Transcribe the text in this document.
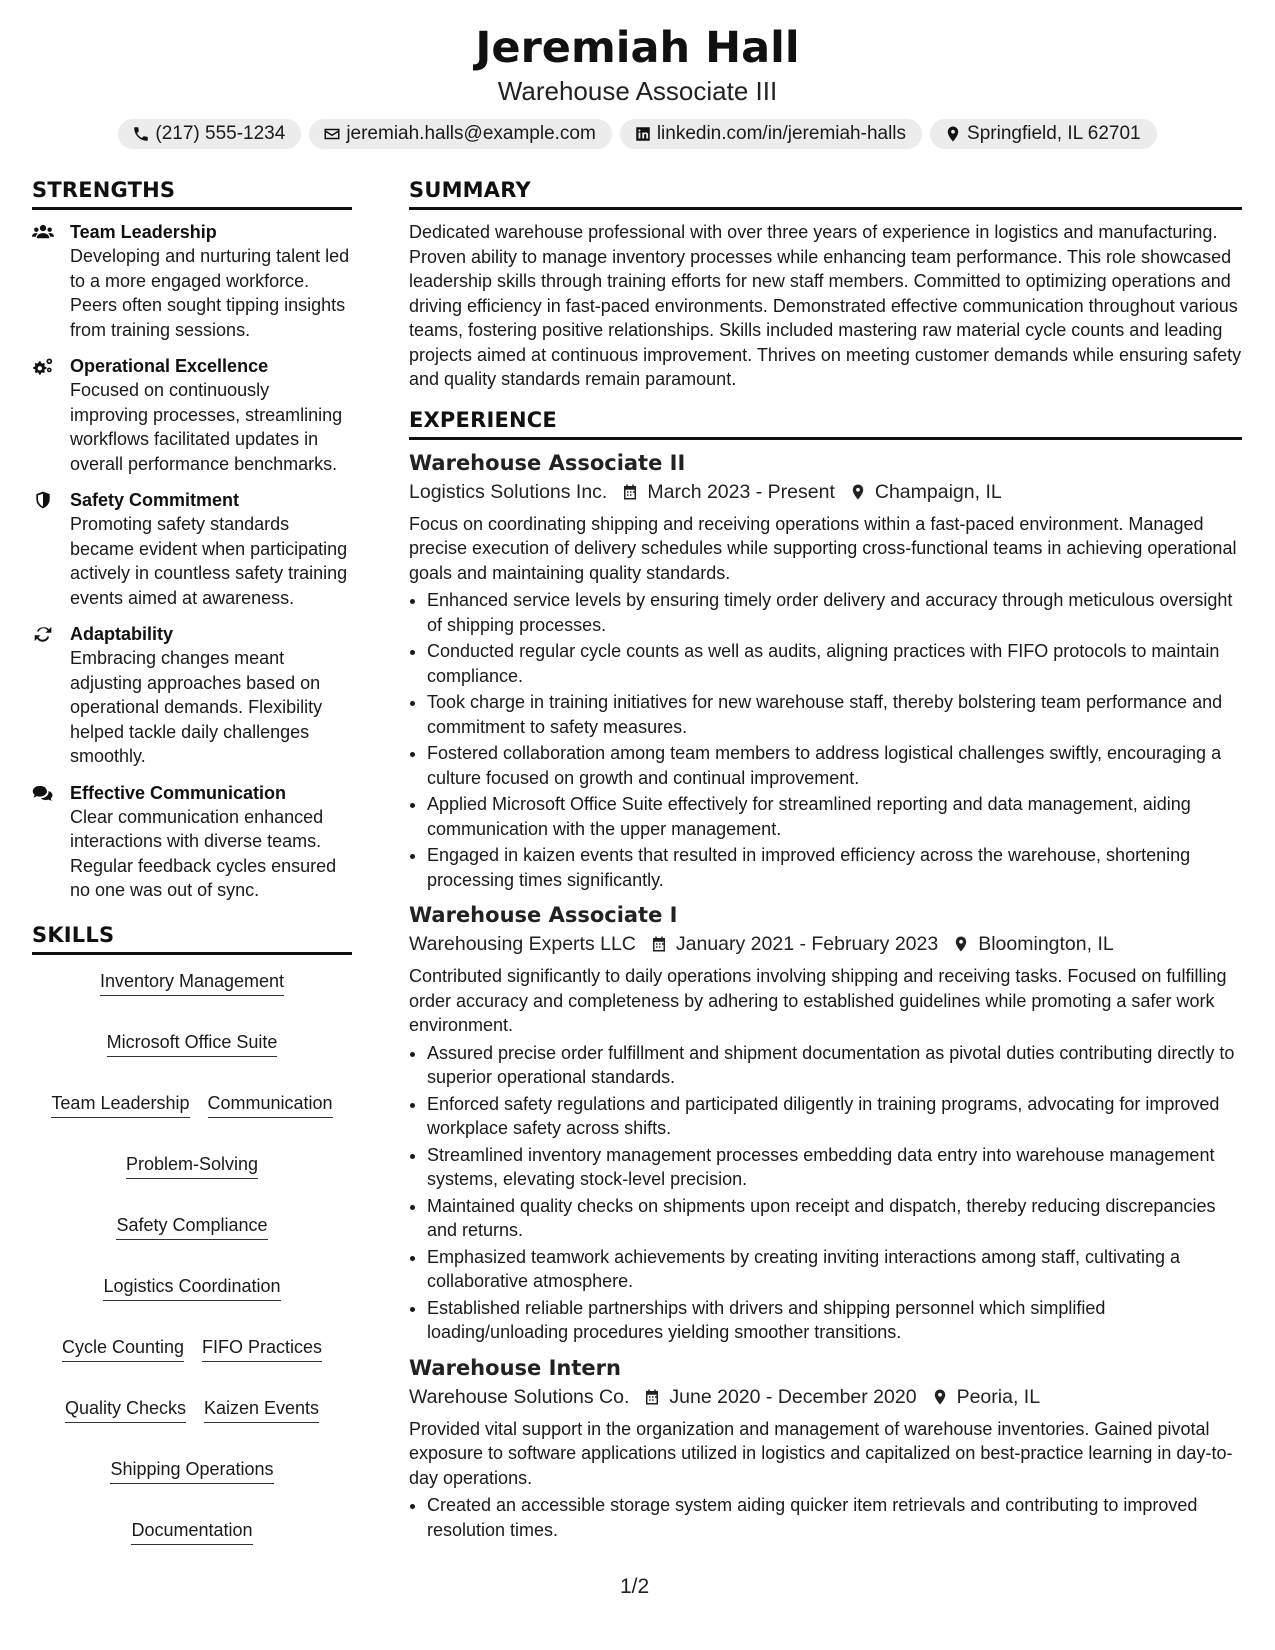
Jeremiah Hall
Warehouse Associate III
(217) 555-1234	jeremiah.halls@example.com	linkedin.com/in/jeremiah-halls	Springfield, IL 62701
STRENGTHS
Team Leadership
Developing and nurturing talent led to a more engaged workforce. Peers often sought tipping insights from training sessions.
Operational Excellence
Focused on continuously improving processes, streamlining workflows facilitated updates in overall performance benchmarks.
Safety Commitment
Promoting safety standards became evident when participating actively in countless safety training events aimed at awareness.
Adaptability
Embracing changes meant adjusting approaches based on operational demands. Flexibility helped tackle daily challenges smoothly.
Effective Communication
Clear communication enhanced interactions with diverse teams. Regular feedback cycles ensured no one was out of sync.
SKILLS
Inventory Management
Microsoft Office Suite
Team Leadership Communication
Problem-Solving
Safety Compliance
Logistics Coordination
Cycle Counting FIFO Practices
Quality Checks Kaizen Events
Shipping Operations
Documentation
SUMMARY
Dedicated warehouse professional with over three years of experience in logistics and manufacturing. Proven ability to manage inventory processes while enhancing team performance. This role showcased leadership skills through training efforts for new staff members. Committed to optimizing operations and driving efficiency in fast-paced environments. Demonstrated effective communication throughout various teams, fostering positive relationships. Skills included mastering raw material cycle counts and leading projects aimed at continuous improvement. Thrives on meeting customer demands while ensuring safety and quality standards remain paramount.
EXPERIENCE
Warehouse Associate II
Logistics Solutions Inc. March 2023 - Present Champaign, IL
Focus on coordinating shipping and receiving operations within a fast-paced environment. Managed precise execution of delivery schedules while supporting cross-functional teams in achieving operational goals and maintaining quality standards.
• Enhanced service levels by ensuring timely order delivery and accuracy through meticulous oversight of shipping processes.
• Conducted regular cycle counts as well as audits, aligning practices with FIFO protocols to maintain compliance.
• Took charge in training initiatives for new warehouse staff, thereby bolstering team performance and commitment to safety measures.
• Fostered collaboration among team members to address logistical challenges swiftly, encouraging a culture focused on growth and continual improvement.
• Applied Microsoft Office Suite effectively for streamlined reporting and data management, aiding communication with the upper management.
• Engaged in kaizen events that resulted in improved efficiency across the warehouse, shortening processing times significantly.
Warehouse Associate I
Warehousing Experts LLC January 2021 - February 2023 Bloomington, IL
Contributed significantly to daily operations involving shipping and receiving tasks. Focused on fulfilling order accuracy and completeness by adhering to established guidelines while promoting a safer work environment.
• Assured precise order fulfillment and shipment documentation as pivotal duties contributing directly to superior operational standards.
• Enforced safety regulations and participated diligently in training programs, advocating for improved workplace safety across shifts.
• Streamlined inventory management processes embedding data entry into warehouse management systems, elevating stock-level precision.
• Maintained quality checks on shipments upon receipt and dispatch, thereby reducing discrepancies and returns.
• Emphasized teamwork achievements by creating inviting interactions among staff, cultivating a collaborative atmosphere.
• Established reliable partnerships with drivers and shipping personnel which simplified loading/unloading procedures yielding smoother transitions.
Warehouse Intern
Warehouse Solutions Co. June 2020 - December 2020 Peoria, IL
Provided vital support in the organization and management of warehouse inventories. Gained pivotal exposure to software applications utilized in logistics and capitalized on best-practice learning in day-to-day operations.
• Created an accessible storage system aiding quicker item retrievals and contributing to improved resolution times.
1/2
